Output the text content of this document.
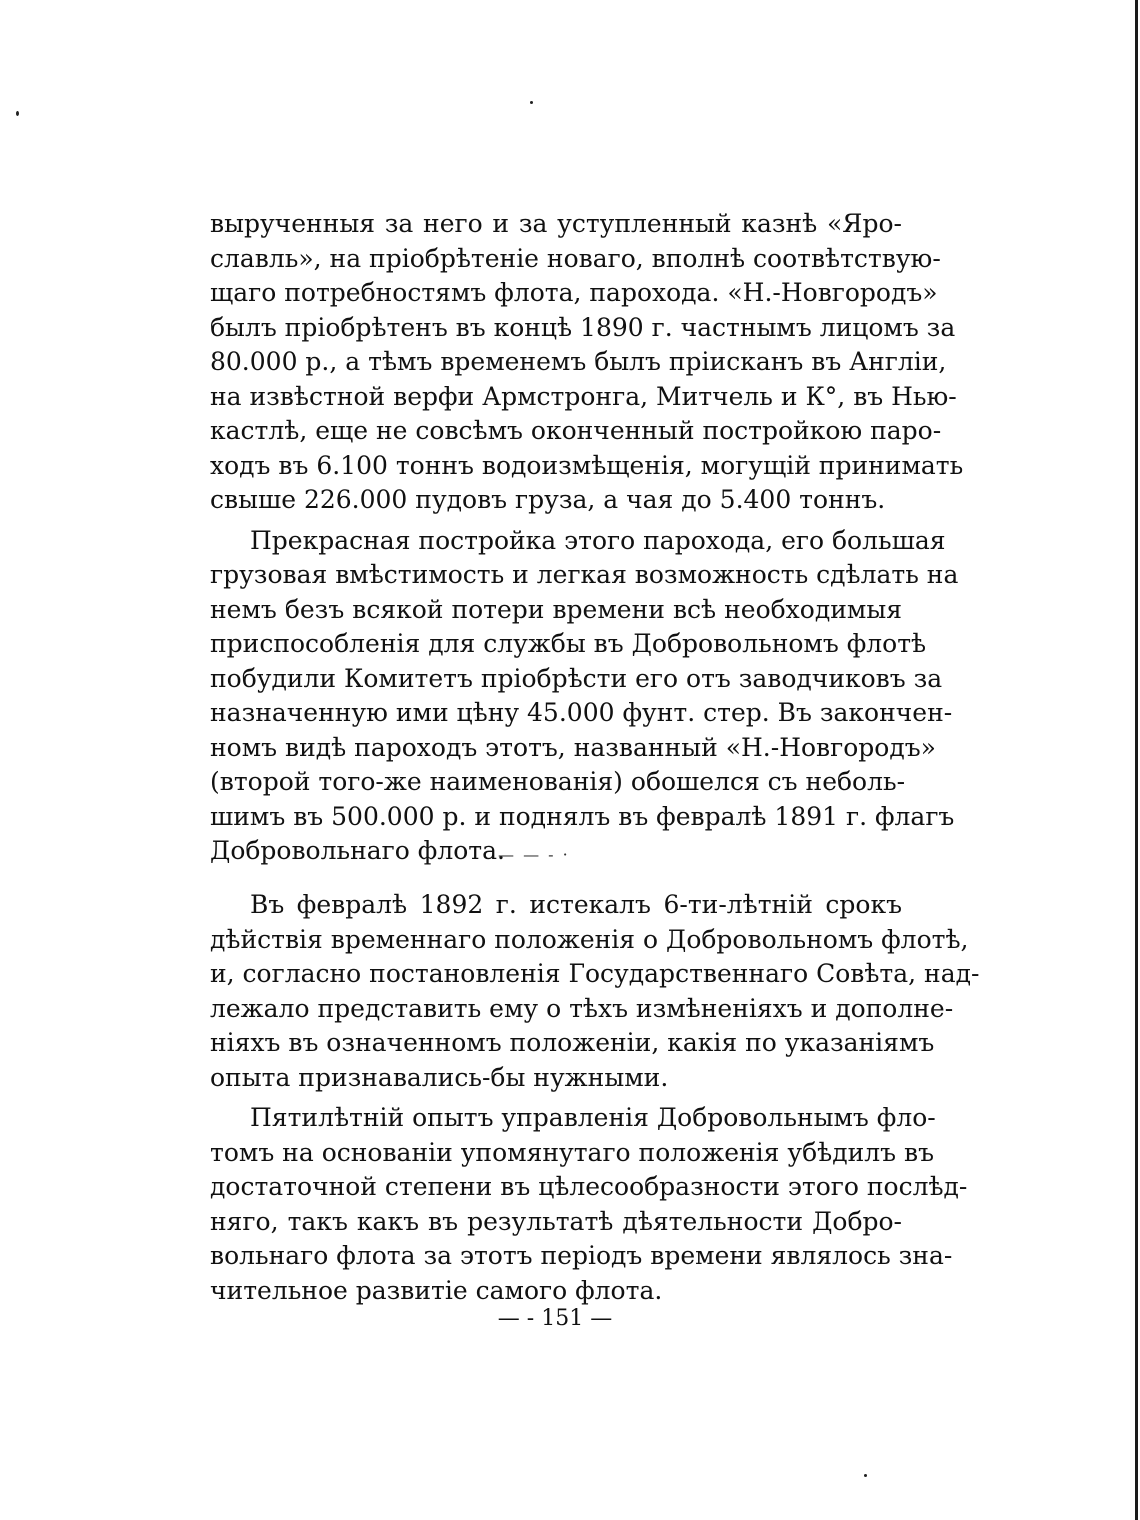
вырученныя за него и за уступленный казнѣ «Яро-
славль», на пріобрѣтеніе новаго, вполнѣ соотвѣтствую-
щаго потребностямъ флота, парохода. «Н.-Новгородъ»
былъ пріобрѣтенъ въ концѣ 1890 г. частнымъ лицомъ за
80.000 р., а тѣмъ временемъ былъ пріисканъ въ Англіи,
на извѣстной верфи Армстронга, Митчель и К°, въ Нью-
кастлѣ, еще не совсѣмъ оконченный постройкою паро-
ходъ въ 6.100 тоннъ водоизмѣщенія, могущій принимать
свыше 226.000 пудовъ груза, а чая до 5.400 тоннъ.
Прекрасная постройка этого парохода, его большая
грузовая вмѣстимость и легкая возможность сдѣлать на
немъ безъ всякой потери времени всѣ необходимыя
приспособленія для службы въ Добровольномъ флотѣ
побудили Комитетъ пріобрѣсти его отъ заводчиковъ за
назначенную ими цѣну 45.000 фунт. стер. Въ закончен-
номъ видѣ пароходъ этотъ, названный «Н.-Новгородъ»
(второй того-же наименованія) обошелся съ неболь-
шимъ въ 500.000 р. и поднялъ въ февралѣ 1891 г. флагъ
Добровольнаго флота.
— — - ·
Въ февралѣ 1892 г. истекалъ 6-ти-лѣтній срокъ
дѣйствія временнаго положенія о Добровольномъ флотѣ,
и, согласно постановленія Государственнаго Совѣта, над-
лежало представить ему о тѣхъ измѣненіяхъ и дополне-
ніяхъ въ означенномъ положеніи, какія по указаніямъ
опыта признавались-бы нужными.
Пятилѣтній опытъ управленія Добровольнымъ фло-
томъ на основаніи упомянутаго положенія убѣдилъ въ
достаточной степени въ цѣлесообразности этого послѣд-
няго, такъ какъ въ результатѣ дѣятельности Добро-
вольнаго флота за этотъ періодъ времени являлось зна-
чительное развитіе самого флота.
— - 151 —
